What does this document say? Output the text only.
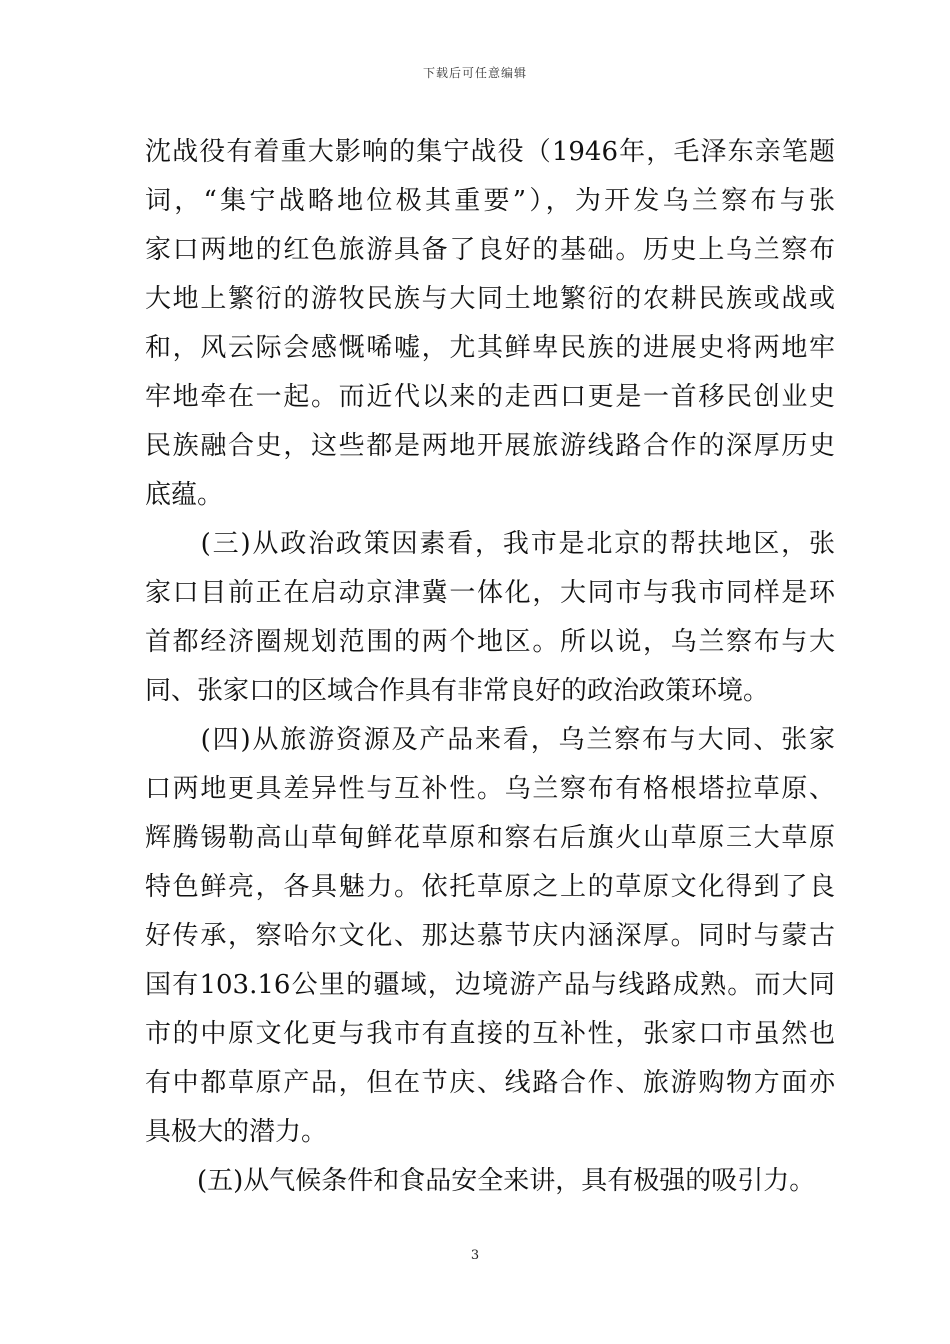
下载后可任意编辑
沈战役有着重大影响的集宁战役（1946年，毛泽东亲笔题
词，“集宁战略地位极其重要”），为开发乌兰察布与张
家口两地的红色旅游具备了良好的基础。历史上乌兰察布
大地上繁衍的游牧民族与大同土地繁衍的农耕民族或战或
和，风云际会感慨唏嘘，尤其鲜卑民族的进展史将两地牢
牢地牵在一起。而近代以来的走西口更是一首移民创业史
民族融合史，这些都是两地开展旅游线路合作的深厚历史
底蕴。
　　(三)从政治政策因素看，我市是北京的帮扶地区，张
家口目前正在启动京津冀一体化，大同市与我市同样是环
首都经济圈规划范围的两个地区。所以说，乌兰察布与大
同、张家口的区域合作具有非常良好的政治政策环境。
　　(四)从旅游资源及产品来看，乌兰察布与大同、张家
口两地更具差异性与互补性。乌兰察布有格根塔拉草原、
辉腾锡勒高山草甸鲜花草原和察右后旗火山草原三大草原
特色鲜亮，各具魅力。依托草原之上的草原文化得到了良
好传承，察哈尔文化、那达慕节庆内涵深厚。同时与蒙古
国有103.16公里的疆域，边境游产品与线路成熟。而大同
市的中原文化更与我市有直接的互补性，张家口市虽然也
有中都草原产品，但在节庆、线路合作、旅游购物方面亦
具极大的潜力。
　　(五)从气候条件和食品安全来讲，具有极强的吸引力。
3
